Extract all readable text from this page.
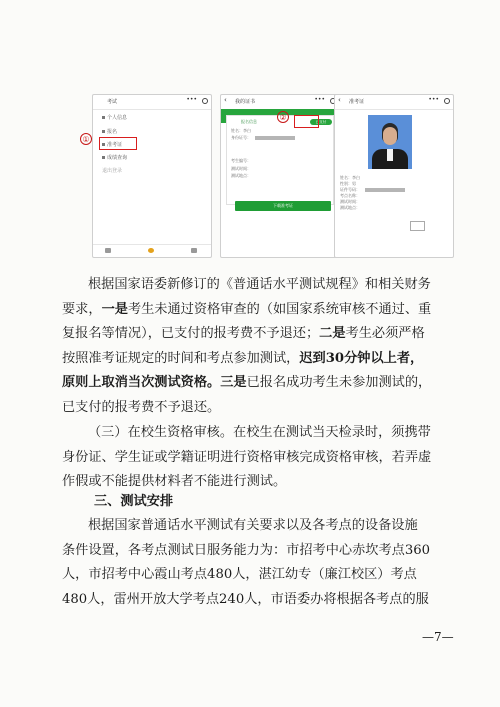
考试	•••
个人信息
报名
准考证
成绩查询
退出登录
①
‹ 我的证书	•••
报名信息
姓名：李白
身份证号：
考生编号：
测试时间：
测试地点：
已支付
下载准考证
②
‹ 准考证	•••
姓名：李白
性别：男
证件号码：
考点名称：
测试时间：
测试地点：
根据国家语委新修订的《普通话水平测试规程》和相关财务
要求，一是考生未通过资格审查的（如国家系统审核不通过、重
复报名等情况），已支付的报考费不予退还；二是考生必须严格
按照准考证规定的时间和考点参加测试，迟到30分钟以上者，
原则上取消当次测试资格。三是已报名成功考生未参加测试的，
已支付的报考费不予退还。
（三）在校生资格审核。在校生在测试当天检录时，须携带
身份证、学生证或学籍证明进行资格审核完成资格审核，若弄虚
作假或不能提供材料者不能进行测试。
三、测试安排
根据国家普通话水平测试有关要求以及各考点的设备设施
条件设置，各考点测试日服务能力为：市招考中心赤坎考点360
人，市招考中心霞山考点480人，湛江幼专（廉江校区）考点
480人，雷州开放大学考点240人，市语委办将根据各考点的服
—7—
